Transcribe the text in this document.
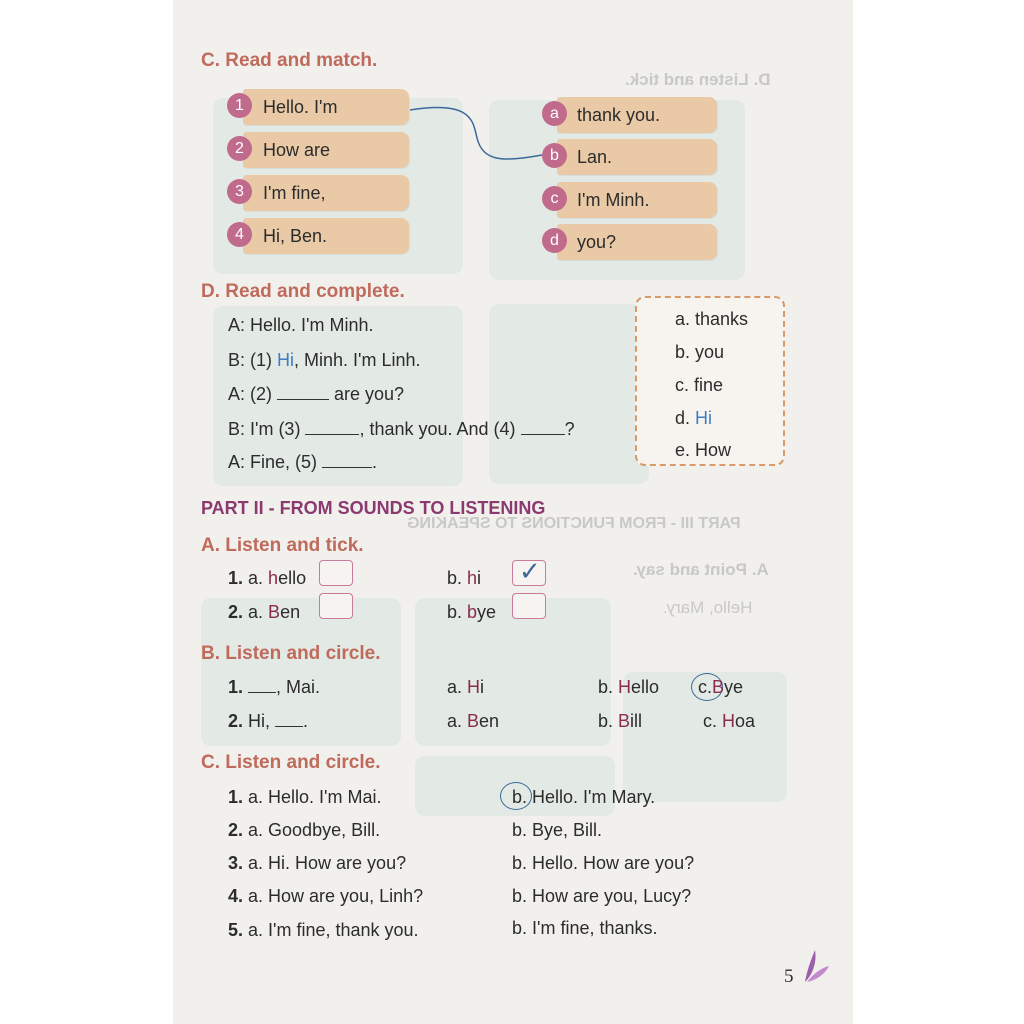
D. Listen and tick.
PART III - FROM FUNCTIONS TO SPEAKING
A. Point and say.
Hello, Mary.
C. Read and match.
Hello. I'm
1
How are
2
I'm fine,
3
Hi, Ben.
4
thank you.
a
Lan.
b
I'm Minh.
c
you?
d
D. Read and complete.
A: Hello. I'm Minh.
B: (1) Hi, Minh. I'm Linh.
A: (2)	are you?
B: I'm (3)	, thank you. And (4) ?
A: Fine, (5)	.
a. thanks
b. you
c. fine
d. Hi
e. How
PART II - FROM SOUNDS TO LISTENING
A. Listen and tick.
1. a. hello	b. hi ✓
2. a. Ben	b. bye
B. Listen and circle.
1. , Mai.	a. Hi	b. Hello c.Bye
2. Hi, .	a. Ben	b. Bill	c. Hoa
C. Listen and circle.
1. a. Hello. I'm Mai.	b. Hello. I'm Mary.
2. a. Goodbye, Bill.	b. Bye, Bill.
3. a. Hi. How are you?	b. Hello. How are you?
4. a. How are you, Linh?	b. How are you, Lucy?
5. a. I'm fine, thank you.	b. I'm fine, thanks.
5
